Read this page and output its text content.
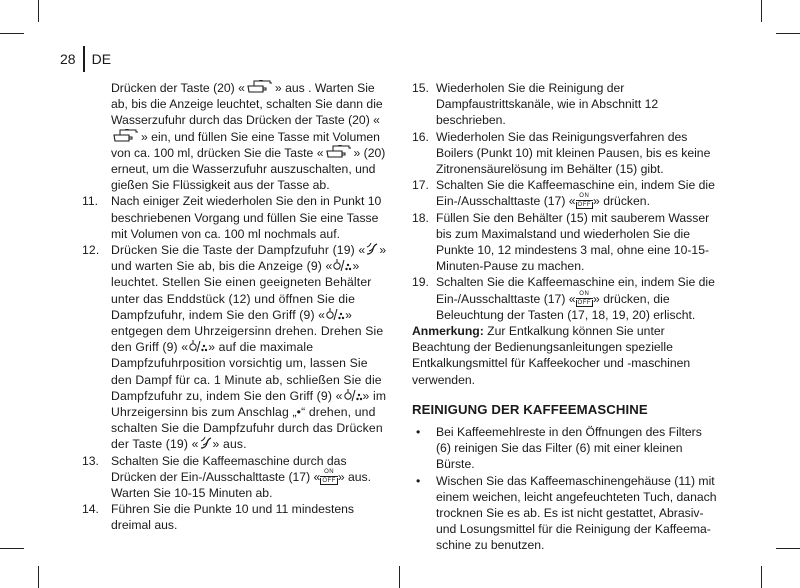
28 DE

Drücken der Taste (20) « » aus . Warten Sie ab, bis die Anzeige leuchtet, schalten Sie dann die Wasserzufuhr durch das Drücken der Taste (20) «» ein, und füllen Sie eine Tasse mit Volumen von ca. 100 ml, drücken Sie die Taste « » (20) erneut, um die Wasserzufuhr auszuschalten, und gießen Sie Flüssigkeit aus der Tasse ab.

11. Nach einiger Zeit wiederholen Sie den in Punkt 10 beschriebenen Vorgang und füllen Sie eine Tasse mit Volumen von ca. 100 ml nochmals auf.

12. Drücken Sie die Taste der Dampfzufuhr (19) « » und warten Sie ab, bis die Anzeige (9) « » leuchtet. Stellen Sie einen geeigneten Behälter unter das Enddstück (12) und öffnen Sie die Dampfzufuhr, indem Sie den Griff (9) « » entgegen dem Uhrzeigersinn drehen. Drehen Sie den Griff (9) « » auf die maximale Dampfzufuhrposition vorsichtig um, lassen Sie den Dampf für ca. 1 Minute ab, schließen Sie die Dampfzufuhr zu, indem Sie den Griff (9) « » im Uhrzeigersinn bis zum Anschlag „•“ drehen, und schalten Sie die Dampfzufuhr durch das Drücken der Taste (19) « » aus.

13. Schalten Sie die Kaffeemaschine durch das Drücken der Ein-/Ausschalttaste (17) « ON
OFF » aus. Warten Sie 10-15 Minuten ab.

14. Führen Sie die Punkte 10 und 11 mindestens dreimal aus.

15. Wiederholen Sie die Reinigung der Dampfaustrittskanäle, wie in Abschnitt 12 beschrieben.

16. Wiederholen Sie das Reinigungsverfahren des Boilers (Punkt 10) mit kleinen Pausen, bis es keine Zitronensäurelösung im Behälter (15) gibt.

17. Schalten Sie die Kaffeemaschine ein, indem Sie die Ein-/Ausschalttaste (17) « ON
OFF » drücken.

18. Füllen Sie den Behälter (15) mit sauberem Wasser bis zum Maximalstand und wiederholen Sie die Punkte 10, 12 mindestens 3 mal, ohne eine 10-15-Minuten-Pause zu machen.

19. Schalten Sie die Kaffeemaschine ein, indem Sie die Ein-/Ausschalttaste (17) « ON
OFF » drücken, die Beleuchtung der Tasten (17, 18, 19, 20) erlischt.

Anmerkung: Zur Entkalkung können Sie unter Beachtung der Bedienungsanleitungen spezielle Entkalkungsmittel für Kaffeekocher und -maschinen verwenden.

REINIGUNG DER KAFFEEMASCHINE

• Bei Kaffeemehlreste in den Öffnungen des Filters (6) reinigen Sie das Filter (6) mit einer kleinen Bürste.

• Wischen Sie das Kaffeemaschinengehäuse (11) mit einem weichen, leicht angefeuchteten Tuch, danach trocknen Sie es ab. Es ist nicht gestattet, Abrasiv- und Losungsmittel für die Reinigung der Kaffeema-schine zu benutzen.
